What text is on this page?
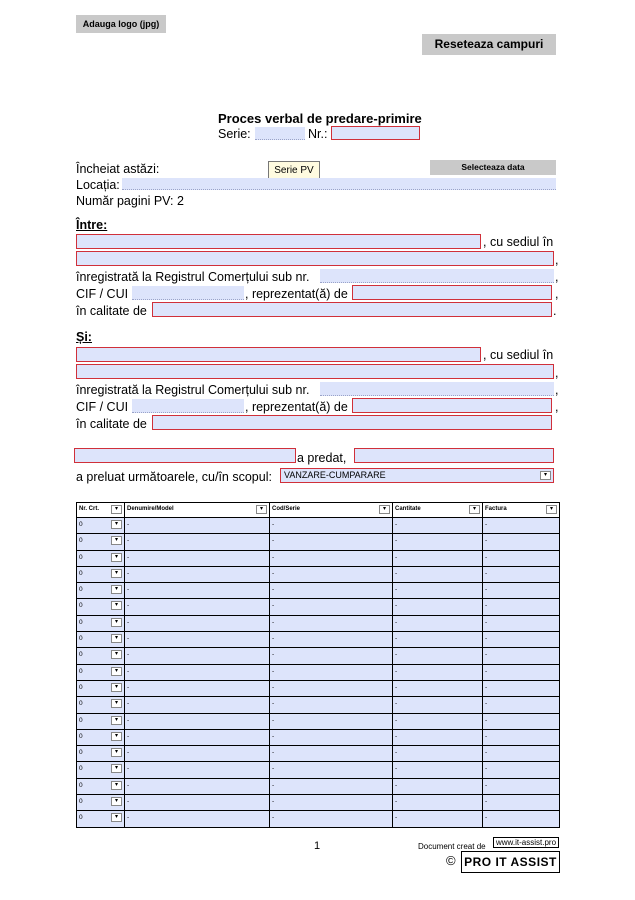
Adauga logo (jpg)
Reseteaza campuri
Proces verbal de predare-primire
Serie:	Nr.:
Încheiat astăzi:	Serie PV	Selecteaza data
Locația:
Număr pagini PV: 2
Între:
, cu sediul în
,
înregistrată la Registrul Comerțului sub nr.	,
CIF / CUI	, reprezentat(ă) de	,
în calitate de	.
Și:
, cu sediul în
,
înregistrată la Registrul Comerțului sub nr.	,
CIF / CUI	, reprezentat(ă) de	,
în calitate de
a predat,
a preluat următoarele, cu/în scopul: VANZARE-CUMPARARE	▾
Nr. Crt. ▾	Denumire/Model ▾	Cod/Serie ▾	Cantitate ▾	Factura ▾

0 ▾	-	-	-	-

0 ▾	-	-	-	-

0 ▾	-	-	-	-

0 ▾	-	-	-	-

0 ▾	-	-	-	-

0 ▾	-	-	-	-

0 ▾	-	-	-	-

0 ▾	-	-	-	-

0 ▾	-	-	-	-

0 ▾	-	-	-	-

0 ▾	-	-	-	-

0 ▾	-	-	-	-

0 ▾	-	-	-	-

0 ▾	-	-	-	-

0 ▾	-	-	-	-

0 ▾	-	-	-	-

0 ▾	-	-	-	-

0 ▾	-	-	-	-

0 ▾	-	-	-	-
1	Document creat de	www.it-assist.pro
© PRO IT ASSIST
